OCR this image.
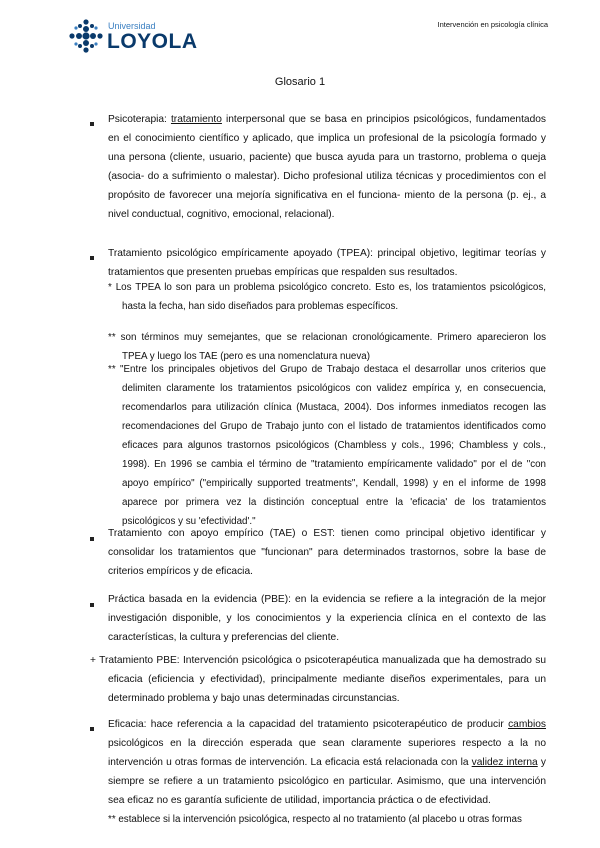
Universidad
LOYOLA
Intervención en psicología clínica
Glosario 1

Psicoterapia: tratamiento interpersonal que se basa en principios psicológicos, fundamentados en el conocimiento científico y aplicado, que implica un profesional de la psicología formado y una persona (cliente, usuario, paciente) que busca ayuda para un trastorno, problema o queja (asocia- do a sufrimiento o malestar). Dicho profesional utiliza técnicas y procedimientos con el propósito de favorecer una mejoría significativa en el funciona- miento de la persona (p. ej., a nivel conductual, cognitivo, emocional, relacional).

Tratamiento psicológico empíricamente apoyado (TPEA): principal objetivo, legitimar teorías y tratamientos que presenten pruebas empíricas que respalden sus resultados.

* Los TPEA lo son para un problema psicológico concreto. Esto es, los tratamientos psicológicos, hasta la fecha, han sido diseñados para problemas específicos.

** son términos muy semejantes, que se relacionan cronológicamente. Primero aparecieron los TPEA y luego los TAE (pero es una nomenclatura nueva)

** "Entre los principales objetivos del Grupo de Trabajo destaca el desarrollar unos criterios que delimiten claramente los tratamientos psicológicos con validez empírica y, en consecuencia, recomendarlos para utilización clínica (Mustaca, 2004). Dos informes inmediatos recogen las recomendaciones del Grupo de Trabajo junto con el listado de tratamientos identificados como eficaces para algunos trastornos psicológicos (Chambless y cols., 1996; Chambless y cols., 1998). En 1996 se cambia el término de "tratamiento empíricamente validado" por el de "con apoyo empírico" ("empirically supported treatments", Kendall, 1998) y en el informe de 1998 aparece por primera vez la distinción conceptual entre la 'eficacia' de los tratamientos psicológicos y su 'efectividad'."

Tratamiento con apoyo empírico (TAE) o EST: tienen como principal objetivo identificar y consolidar los tratamientos que "funcionan" para determinados trastornos, sobre la base de criterios empíricos y de eficacia.

Práctica basada en la evidencia (PBE): en la evidencia se refiere a la integración de la mejor investigación disponible, y los conocimientos y la experiencia clínica en el contexto de las características, la cultura y preferencias del cliente.

+ Tratamiento PBE: Intervención psicológica o psicoterapéutica manualizada que ha demostrado su eficacia (eficiencia y efectividad), principalmente mediante diseños experimentales, para un determinado problema y bajo unas determinadas circunstancias.

Eficacia: hace referencia a la capacidad del tratamiento psicoterapéutico de producir cambios psicológicos en la dirección esperada que sean claramente superiores respecto a la no intervención u otras formas de intervención. La eficacia está relacionada con la validez interna y siempre se refiere a un tratamiento psicológico en particular. Asimismo, que una intervención sea eficaz no es garantía suficiente de utilidad, importancia práctica o de efectividad.

** establece si la intervención psicológica, respecto al no tratamiento (al placebo u otras formas
